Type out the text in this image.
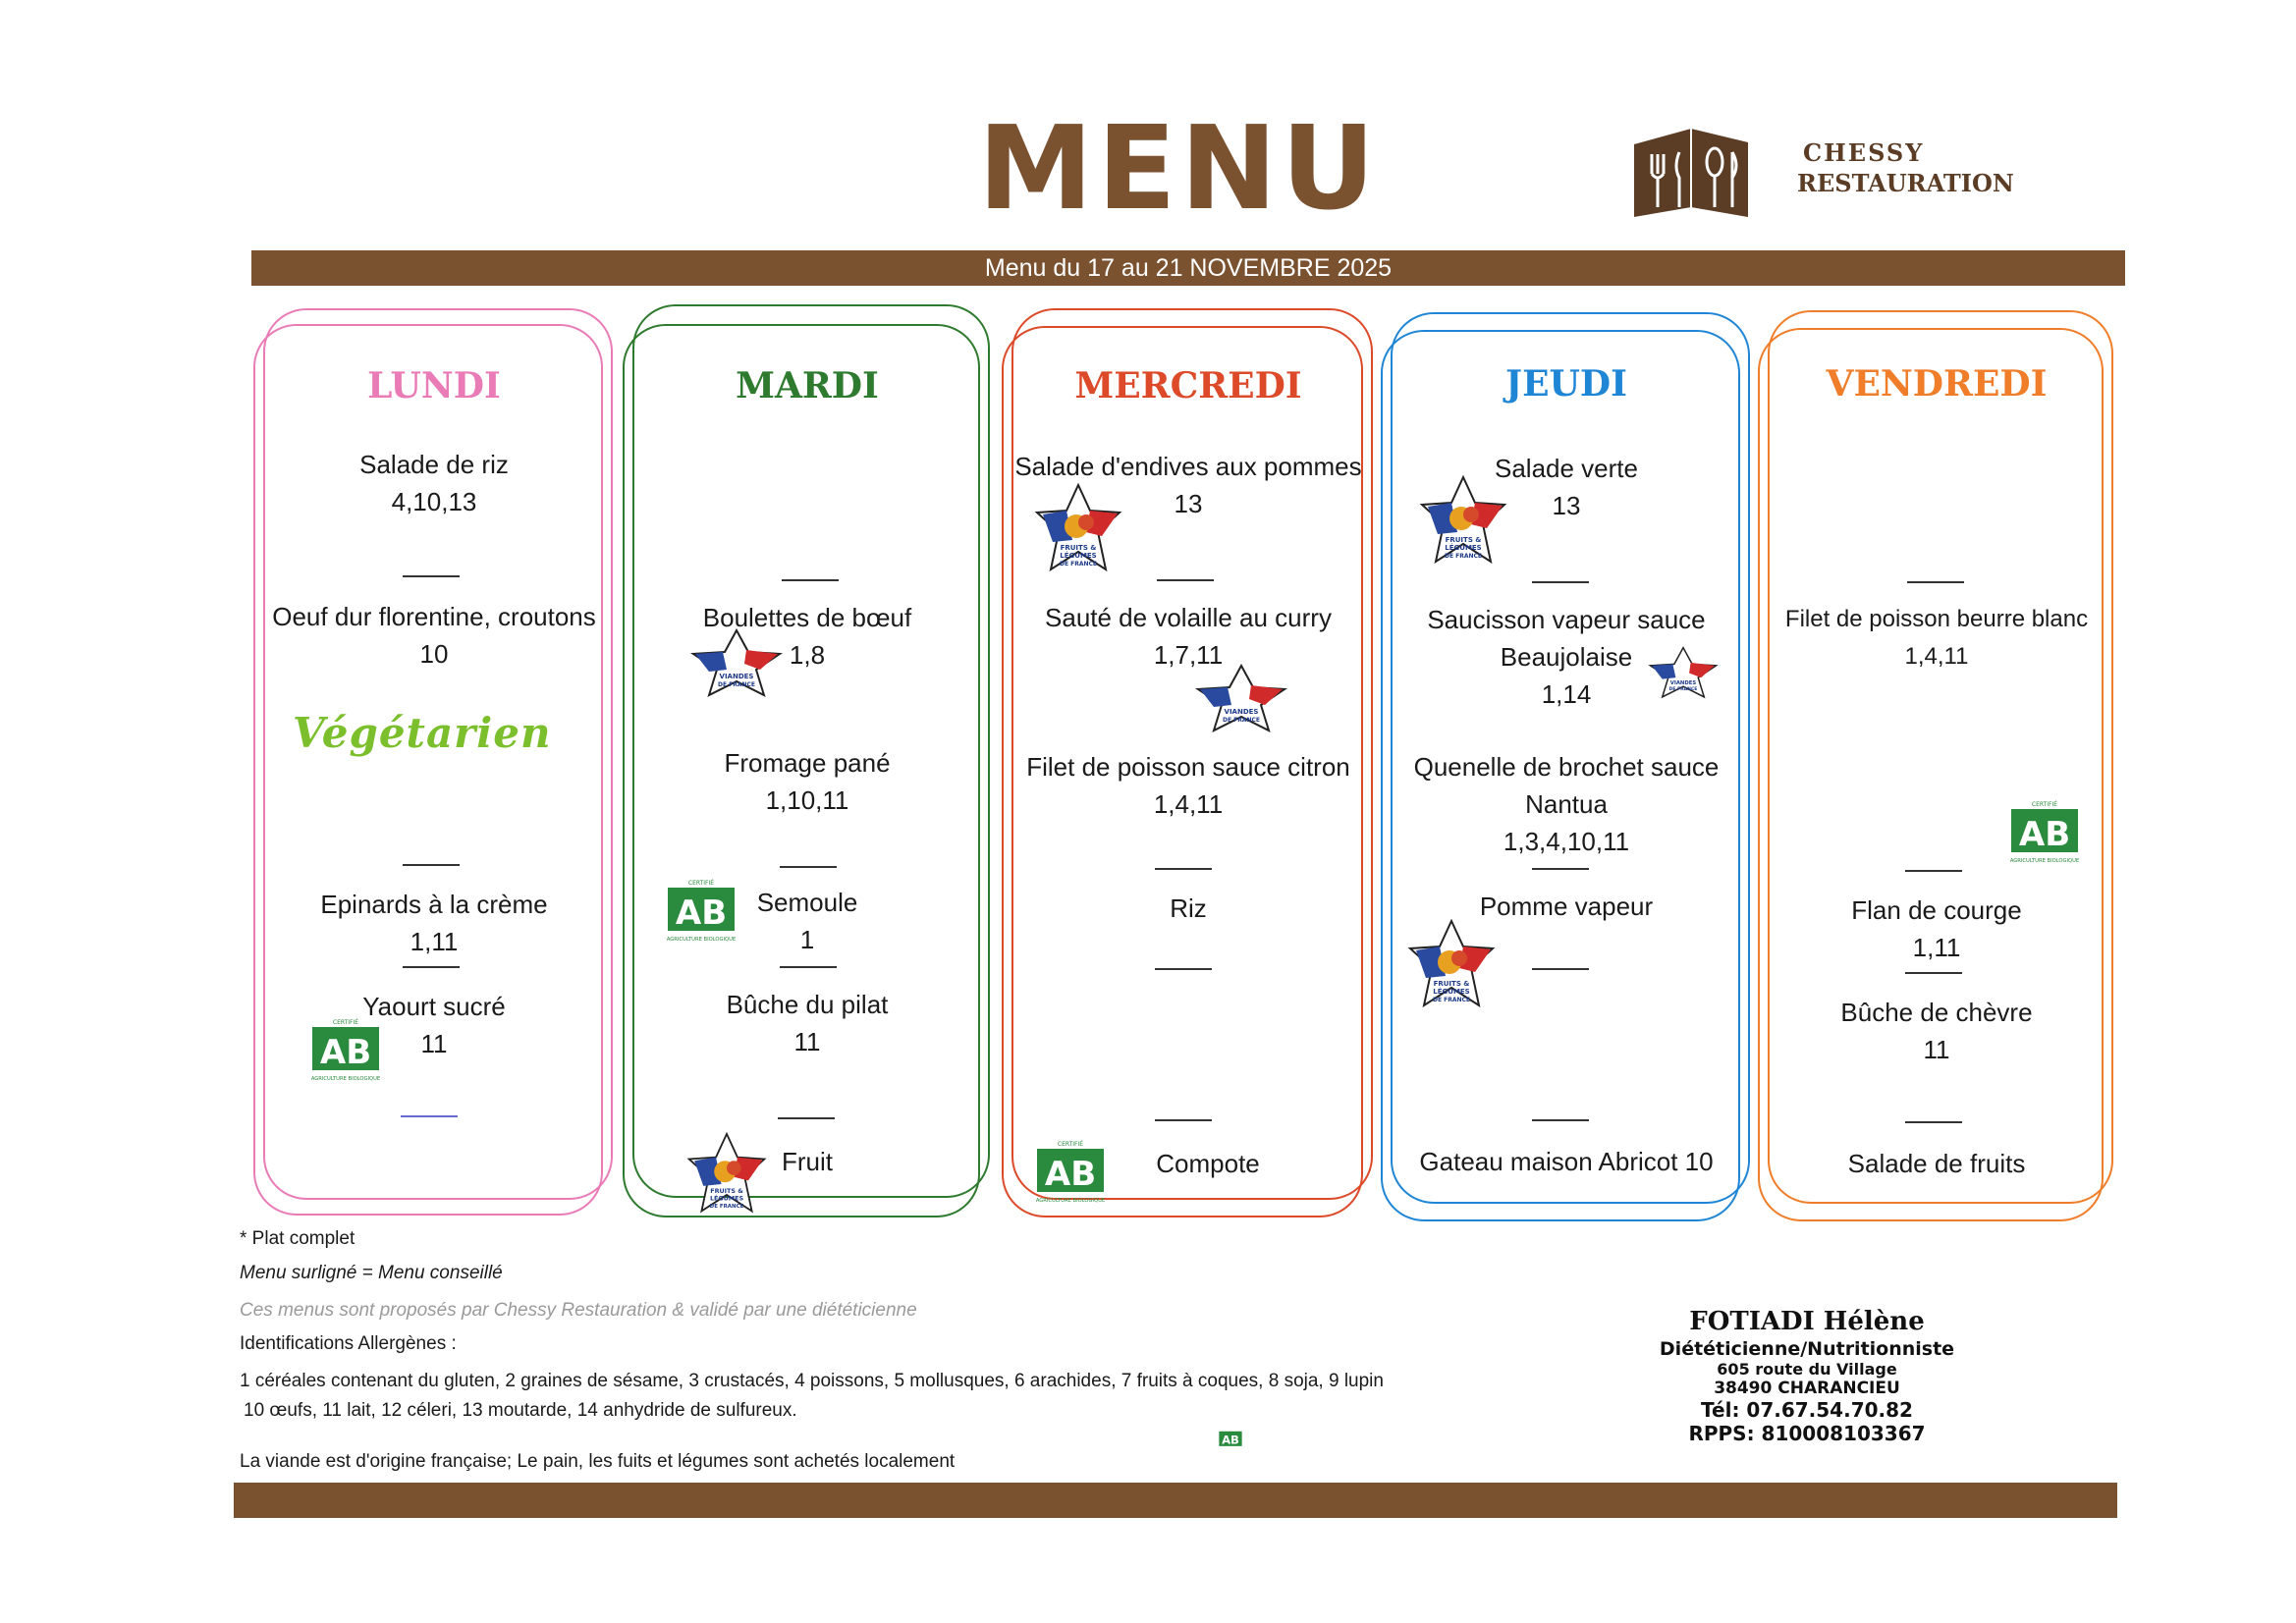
MENU	CHESSY
RESTAURATION
Menu du 17 au 21 NOVEMBRE 2025
LUNDI
Salade de riz
4,10,13
Oeuf dur florentine, croutons
10
Epinards à la crème
1,11
Yaourt sucré
11
Végétarien
MARDI
Boulettes de bœuf
1,8
Fromage pané
1,10,11
Semoule
1
Bûche du pilat
11
Fruit
MERCREDI
Salade d'endives aux pommes
13
Sauté de volaille au curry
1,7,11
Filet de poisson sauce citron
1,4,11
Riz
Compote
JEUDI
Salade verte
13
Saucisson vapeur sauce
Beaujolaise
1,14
Quenelle de brochet sauce
Nantua
1,3,4,10,11
Pomme vapeur
Gateau maison Abricot 10
VENDREDI
Filet de poisson beurre blanc
1,4,11
Flan de courge
1,11
Bûche de chèvre
11
Salade de fruits
CERTIFIÉ
AB
AGRICULTURE BIOLOGIQUE
CERTIFIÉ
AB
AGRICULTURE BIOLOGIQUE
CERTIFIÉ
AB
AGRICULTURE BIOLOGIQUE
CERTIFIÉ
AB
AGRICULTURE BIOLOGIQUE
AB
FRUITS &
LÉGUMES
DE FRANCE
FRUITS &
LÉGUMES
DE FRANCE
FRUITS &
LÉGUMES
DE FRANCE
FRUITS &
LÉGUMES
DE FRANCE
VIANDES
DE FRANCE
VIANDES
DE FRANCE
VIANDES
DE FRANCE
* Plat complet
Menu surligné = Menu conseillé
Ces menus sont proposés par Chessy Restauration & validé par une diététicienne
Identifications Allergènes :
1 céréales contenant du gluten, 2 graines de sésame, 3 crustacés, 4 poissons, 5 mollusques, 6 arachides, 7 fruits à coques, 8 soja, 9 lupin
10 œufs, 11 lait, 12 céleri, 13 moutarde, 14 anhydride de sulfureux.
La viande est d'origine française; Le pain, les fuits et légumes sont achetés localement
FOTIADI Hélène
Diététicienne/Nutritionniste
605 route du Village
38490 CHARANCIEU
Tél: 07.67.54.70.82
RPPS: 810008103367
